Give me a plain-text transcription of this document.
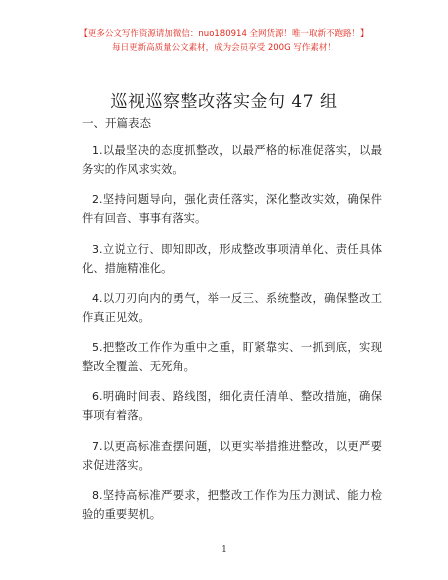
【更多公文写作资源请加微信：nuo180914 全网货源！唯一取新不跑路！】
每日更新高质量公文素材，成为会员享受 200G 写作素材！
巡视巡察整改落实金句 47 组
一、开篇表态

1.以最坚决的态度抓整改，以最严格的标准促落实，以最务实的作风求实效。

2.坚持问题导向，强化责任落实，深化整改实效，确保件件有回音、事事有落实。

3.立说立行、即知即改，形成整改事项清单化、责任具体化、措施精准化。

4.以刀刃向内的勇气，举一反三、系统整改，确保整改工作真正见效。

5.把整改工作作为重中之重，盯紧靠实、一抓到底，实现整改全覆盖、无死角。

6.明确时间表、路线图，细化责任清单、整改措施，确保事项有着落。

7.以更高标准查摆问题，以更实举措推进整改，以更严要求促进落实。

8.坚持高标准严要求，把整改工作作为压力测试、能力检验的重要契机。

1
